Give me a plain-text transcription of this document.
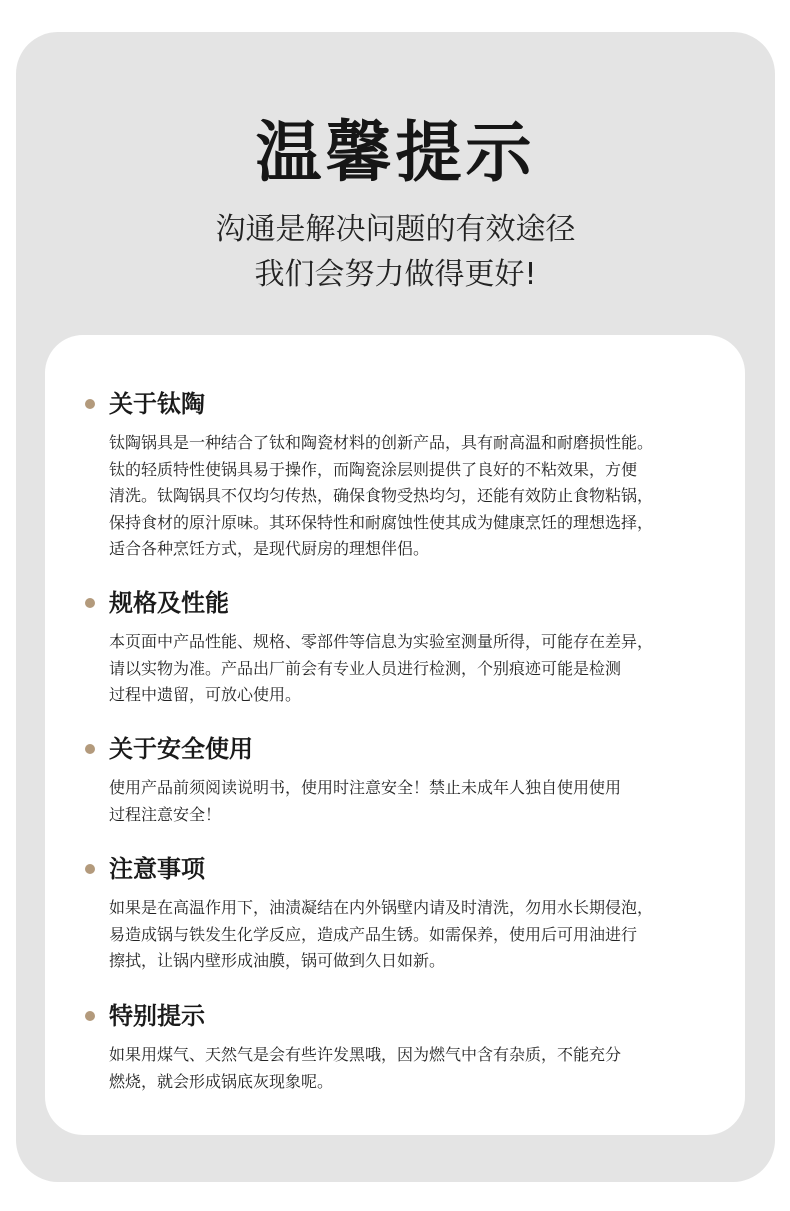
温馨提示

沟通是解决问题的有效途径

我们会努力做得更好!

关于钛陶
钛陶锅具是一种结合了钛和陶瓷材料的创新产品，具有耐高温和耐磨损性能。
钛的轻质特性使锅具易于操作，而陶瓷涂层则提供了良好的不粘效果，方便
清洗。钛陶锅具不仅均匀传热，确保食物受热均匀，还能有效防止食物粘锅，
保持食材的原汁原味。其环保特性和耐腐蚀性使其成为健康烹饪的理想选择，
适合各种烹饪方式，是现代厨房的理想伴侣。
规格及性能
本页面中产品性能、规格、零部件等信息为实验室测量所得，可能存在差异，
请以实物为准。产品出厂前会有专业人员进行检测，个别痕迹可能是检测
过程中遗留，可放心使用。
关于安全使用
使用产品前须阅读说明书，使用时注意安全！禁止未成年人独自使用使用
过程注意安全！
注意事项
如果是在高温作用下，油渍凝结在内外锅壁内请及时清洗，勿用水长期侵泡，
易造成锅与铁发生化学反应，造成产品生锈。如需保养，使用后可用油进行
擦拭，让锅内壁形成油膜，锅可做到久日如新。
特别提示
如果用煤气、天然气是会有些许发黑哦，因为燃气中含有杂质，不能充分
燃烧，就会形成锅底灰现象呢。
